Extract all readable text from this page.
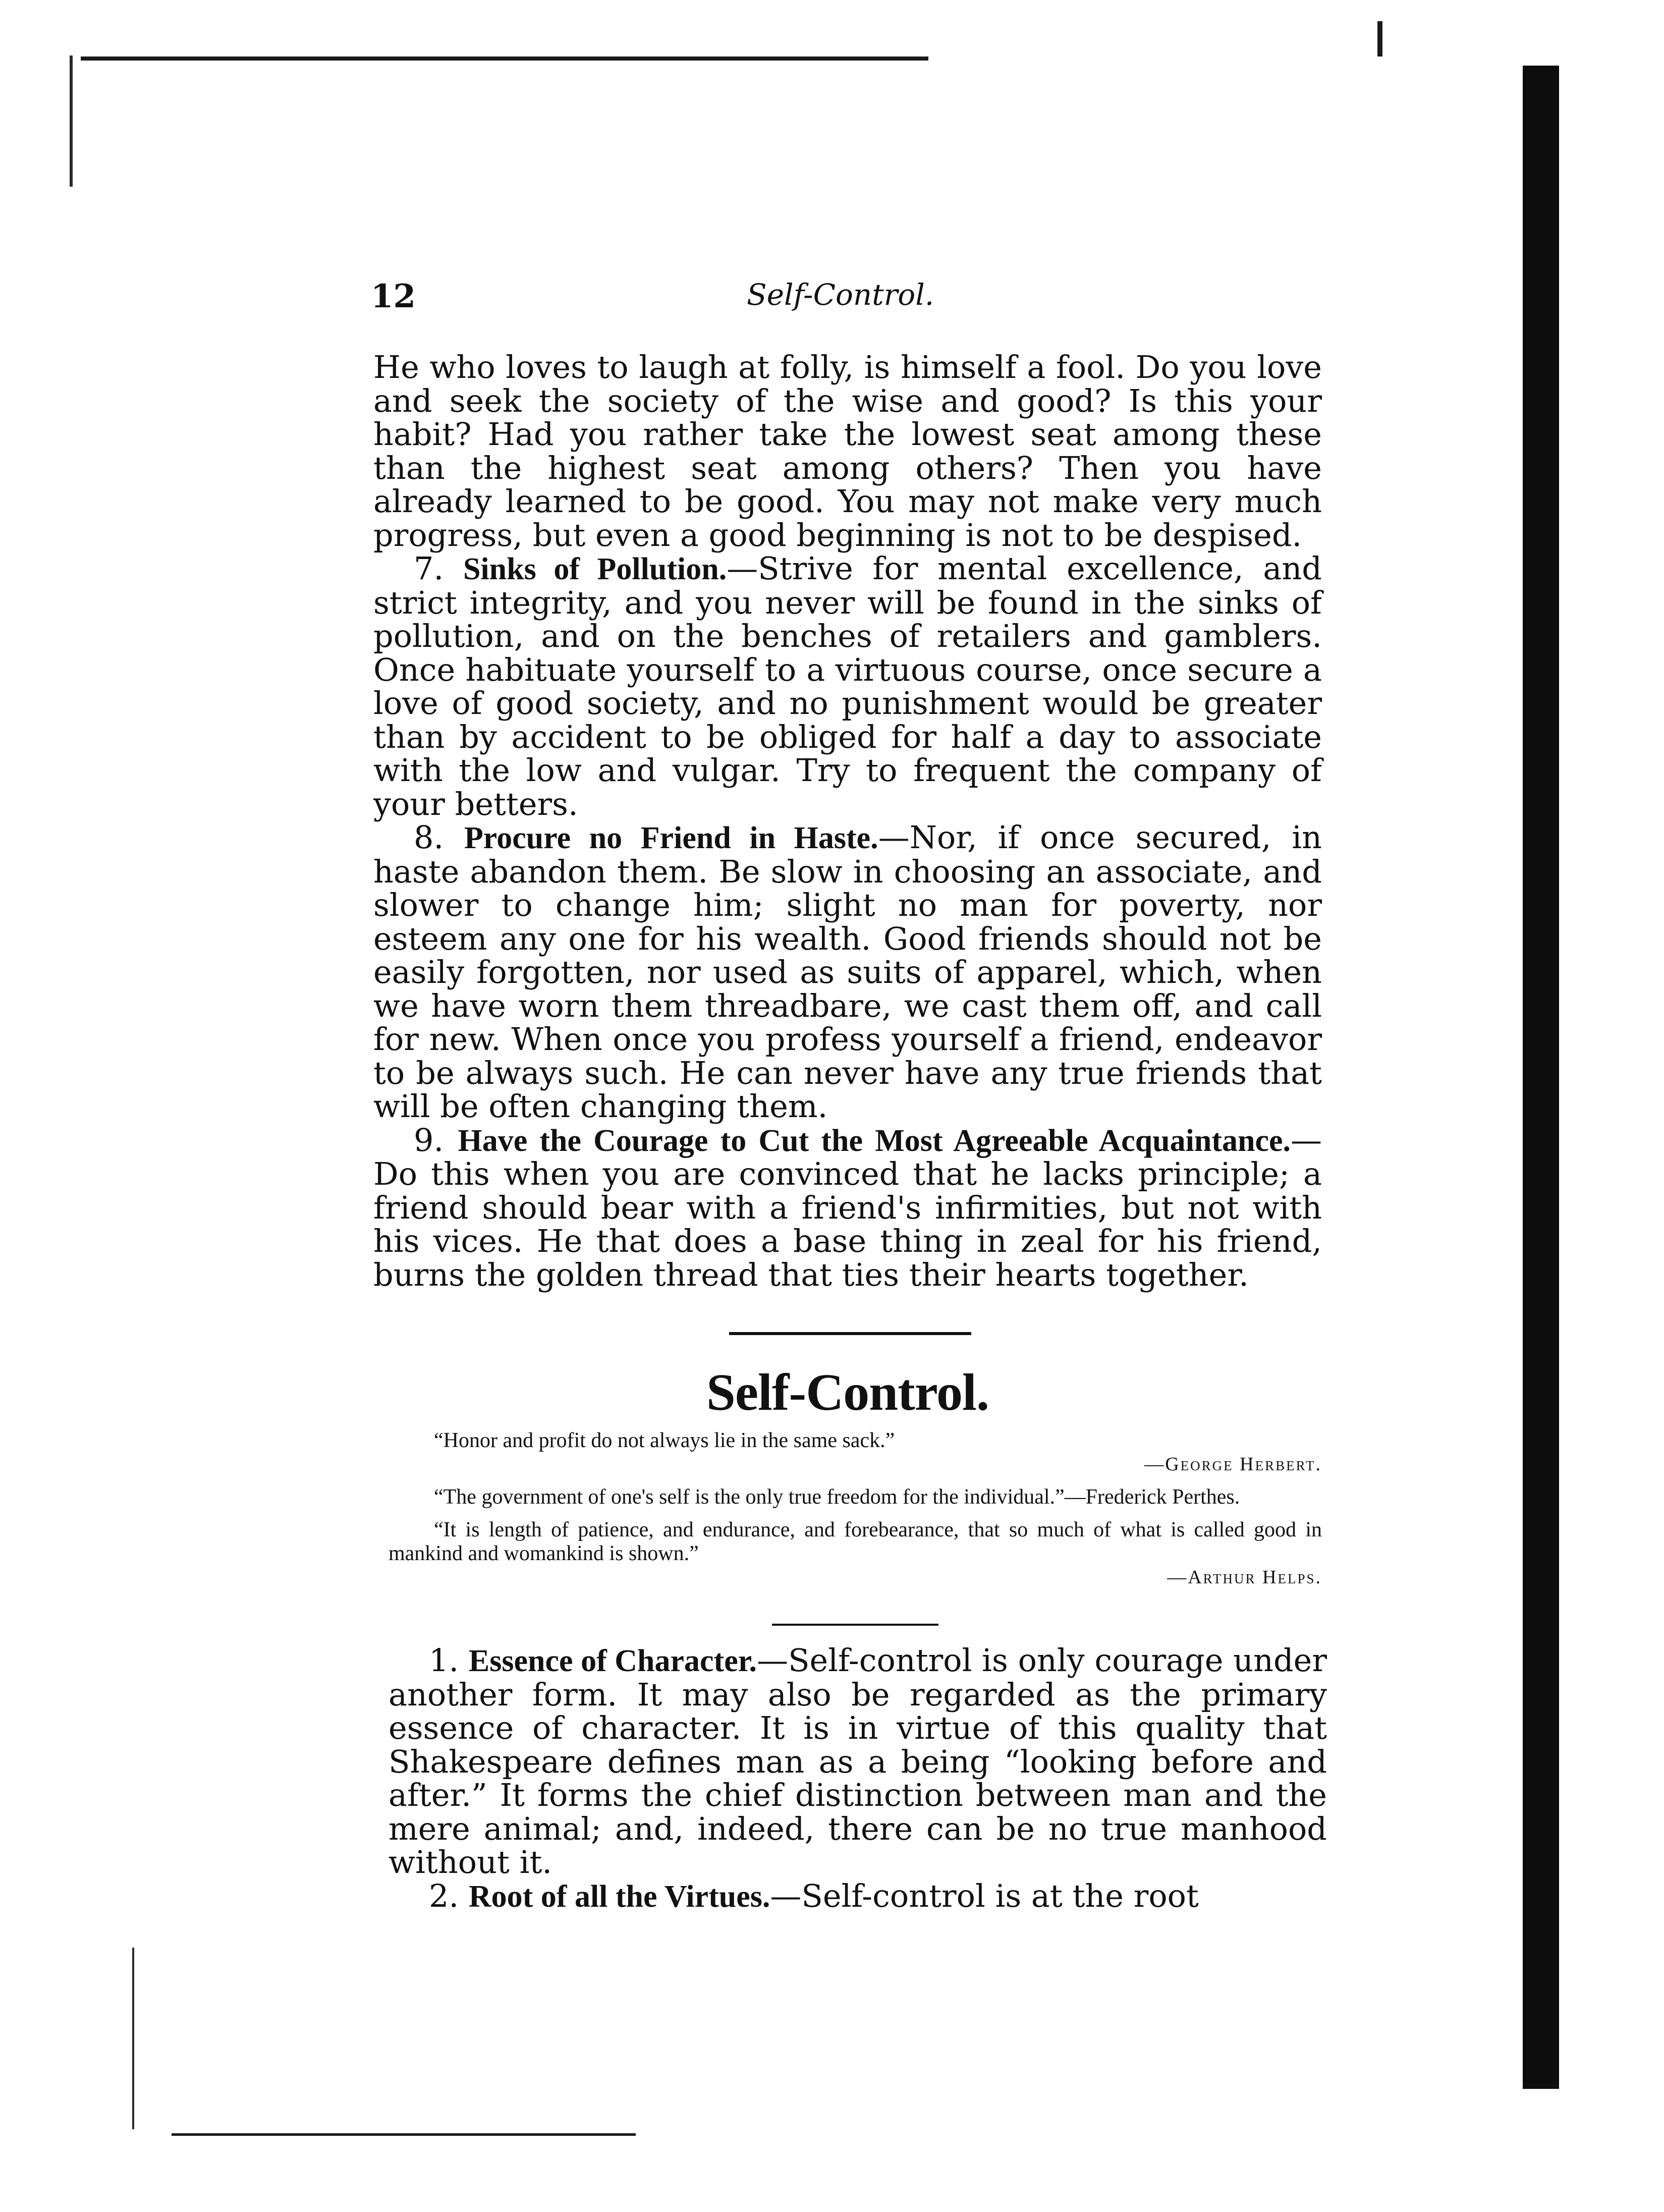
12	Self-Control.

He who loves to laugh at folly, is himself a fool. Do you love and seek the society of the wise and good? Is this your habit? Had you rather take the lowest seat among these than the highest seat among others? Then you have already learned to be good. You may not make very much progress, but even a good beginning is not to be despised.

7. Sinks of Pollution.—Strive for mental excellence, and strict integrity, and you never will be found in the sinks of pollution, and on the benches of retailers and gamblers. Once habituate yourself to a virtuous course, once secure a love of good society, and no punishment would be greater than by accident to be obliged for half a day to associate with the low and vulgar. Try to frequent the company of your betters.

8. Procure no Friend in Haste.—Nor, if once secured, in haste abandon them. Be slow in choosing an associate, and slower to change him; slight no man for poverty, nor esteem any one for his wealth. Good friends should not be easily forgotten, nor used as suits of apparel, which, when we have worn them threadbare, we cast them off, and call for new. When once you profess yourself a friend, endeavor to be always such. He can never have any true friends that will be often changing them.

9. Have the Courage to Cut the Most Agreeable Acquaintance.—Do this when you are convinced that he lacks principle; a friend should bear with a friend's infirmities, but not with his vices. He that does a base thing in zeal for his friend, burns the golden thread that ties their hearts together.

Self-Control.

“Honor and profit do not always lie in the same sack.”

—George Herbert.

“The government of one's self is the only true freedom for the individual.”—Frederick Perthes.

“It is length of patience, and endurance, and forebearance, that so much of what is called good in mankind and womankind is shown.”

—Arthur Helps.

1. Essence of Character.—Self-control is only courage under another form. It may also be regarded as the primary essence of character. It is in virtue of this quality that Shakespeare defines man as a being “looking before and after.” It forms the chief distinction between man and the mere animal; and, indeed, there can be no true manhood without it.

2. Root of all the Virtues.—Self-control is at the root
